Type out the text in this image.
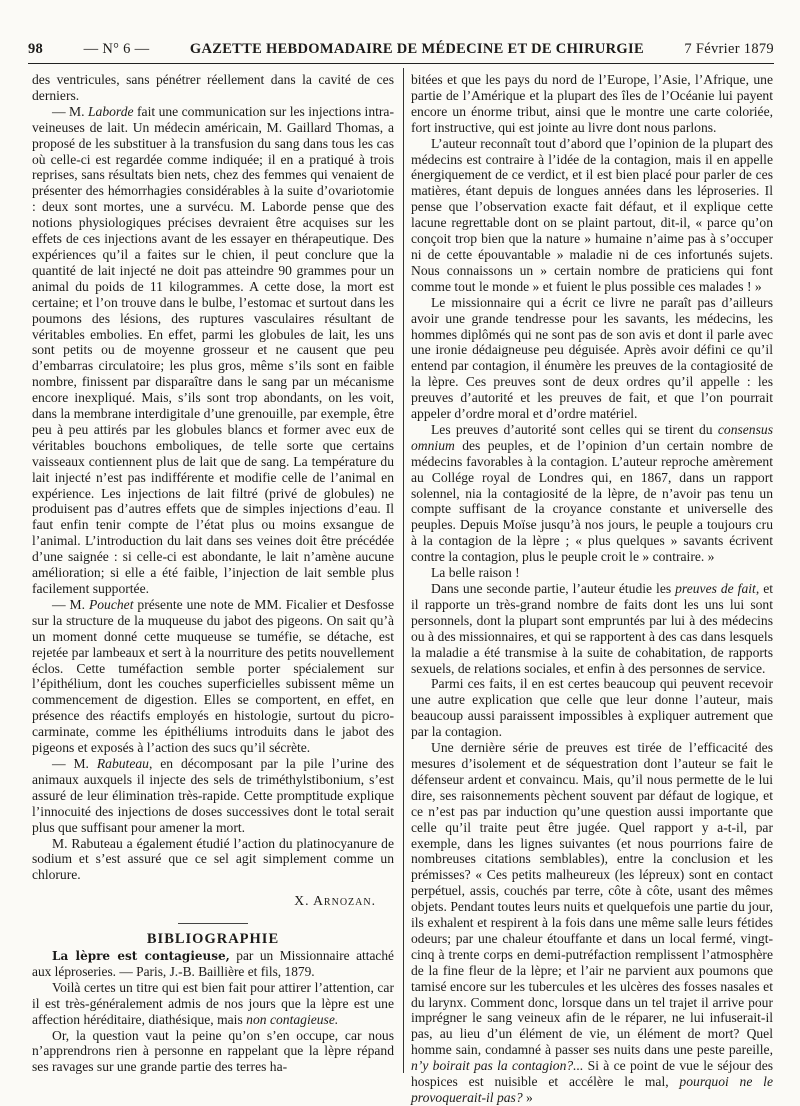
98	— N° 6 —	GAZETTE HEBDOMADAIRE DE MÉDECINE ET DE CHIRURGIE	7 Février 1879

des ventricules, sans pénétrer réellement dans la cavité de ces derniers.

— M. Laborde fait une communication sur les injections intra-veineuses de lait. Un médecin américain, M. Gaillard Thomas, a proposé de les substituer à la transfusion du sang dans tous les cas où celle-ci est regardée comme indiquée; il en a pratiqué à trois reprises, sans résultats bien nets, chez des femmes qui venaient de présenter des hémorrhagies considérables à la suite d’ovariotomie : deux sont mortes, une a survécu. M. Laborde pense que des notions physiologiques précises devraient être acquises sur les effets de ces injections avant de les essayer en thérapeutique. Des expériences qu’il a faites sur le chien, il peut conclure que la quantité de lait injecté ne doit pas atteindre 90 grammes pour un animal du poids de 11 kilogrammes. A cette dose, la mort est certaine; et l’on trouve dans le bulbe, l’estomac et surtout dans les poumons des lésions, des ruptures vasculaires résultant de véritables embolies. En effet, parmi les globules de lait, les uns sont petits ou de moyenne grosseur et ne causent que peu d’embarras circulatoire; les plus gros, même s’ils sont en faible nombre, finissent par disparaître dans le sang par un mécanisme encore inexpliqué. Mais, s’ils sont trop abondants, on les voit, dans la membrane interdigitale d’une grenouille, par exemple, être peu à peu attirés par les globules blancs et former avec eux de véritables bouchons emboliques, de telle sorte que certains vaisseaux contiennent plus de lait que de sang. La température du lait injecté n’est pas indifférente et modifie celle de l’animal en expérience. Les injections de lait filtré (privé de globules) ne produisent pas d’autres effets que de simples injections d’eau. Il faut enfin tenir compte de l’état plus ou moins exsangue de l’animal. L’introduction du lait dans ses veines doit être précédée d’une saignée : si celle-ci est abondante, le lait n’amène aucune amélioration; si elle a été faible, l’injection de lait semble plus facilement supportée.

— M. Pouchet présente une note de MM. Ficalier et Desfosse sur la structure de la muqueuse du jabot des pigeons. On sait qu’à un moment donné cette muqueuse se tuméfie, se détache, est rejetée par lambeaux et sert à la nourriture des petits nouvellement éclos. Cette tuméfaction semble porter spécialement sur l’épithélium, dont les couches superficielles subissent même un commencement de digestion. Elles se comportent, en effet, en présence des réactifs employés en histologie, surtout du picro-carminate, comme les épithéliums introduits dans le jabot des pigeons et exposés à l’action des sucs qu’il sécrète.

— M. Rabuteau, en décomposant par la pile l’urine des animaux auxquels il injecte des sels de triméthylstibonium, s’est assuré de leur élimination très-rapide. Cette promptitude explique l’innocuité des injections de doses successives dont le total serait plus que suffisant pour amener la mort.

M. Rabuteau a également étudié l’action du platinocyanure de sodium et s’est assuré que ce sel agit simplement comme un chlorure.

X. Arnozan.

BIBLIOGRAPHIE

La lèpre est contagieuse, par un Missionnaire attaché aux léproseries. — Paris, J.-B. Baillière et fils, 1879.

Voilà certes un titre qui est bien fait pour attirer l’attention, car il est très-généralement admis de nos jours que la lèpre est une affection héréditaire, diathésique, mais non contagieuse.

Or, la question vaut la peine qu’on s’en occupe, car nous n’apprendrons rien à personne en rappelant que la lèpre répand ses ravages sur une grande partie des terres ha-

bitées et que les pays du nord de l’Europe, l’Asie, l’Afrique, une partie de l’Amérique et la plupart des îles de l’Océanie lui payent encore un énorme tribut, ainsi que le montre une carte coloriée, fort instructive, qui est jointe au livre dont nous parlons.

L’auteur reconnaît tout d’abord que l’opinion de la plupart des médecins est contraire à l’idée de la contagion, mais il en appelle énergiquement de ce verdict, et il est bien placé pour parler de ces matières, étant depuis de longues années dans les léproseries. Il pense que l’observation exacte fait défaut, et il explique cette lacune regrettable dont on se plaint partout, dit-il, « parce qu’on conçoit trop bien que la nature » humaine n’aime pas à s’occuper ni de cette épouvantable » maladie ni de ces infortunés sujets. Nous connaissons un » certain nombre de praticiens qui font comme tout le monde » et fuient le plus possible ces malades ! »

Le missionnaire qui a écrit ce livre ne paraît pas d’ailleurs avoir une grande tendresse pour les savants, les médecins, les hommes diplômés qui ne sont pas de son avis et dont il parle avec une ironie dédaigneuse peu déguisée. Après avoir défini ce qu’il entend par contagion, il énumère les preuves de la contagiosité de la lèpre. Ces preuves sont de deux ordres qu’il appelle : les preuves d’autorité et les preuves de fait, et que l’on pourrait appeler d’ordre moral et d’ordre matériel.

Les preuves d’autorité sont celles qui se tirent du consensus omnium des peuples, et de l’opinion d’un certain nombre de médecins favorables à la contagion. L’auteur reproche amèrement au Collége royal de Londres qui, en 1867, dans un rapport solennel, nia la contagiosité de la lèpre, de n’avoir pas tenu un compte suffisant de la croyance constante et universelle des peuples. Depuis Moïse jusqu’à nos jours, le peuple a toujours cru à la contagion de la lèpre ; « plus quelques » savants écrivent contre la contagion, plus le peuple croit le » contraire. »

La belle raison !

Dans une seconde partie, l’auteur étudie les preuves de fait, et il rapporte un très-grand nombre de faits dont les uns lui sont personnels, dont la plupart sont empruntés par lui à des médecins ou à des missionnaires, et qui se rapportent à des cas dans lesquels la maladie a été transmise à la suite de cohabitation, de rapports sexuels, de relations sociales, et enfin à des personnes de service.

Parmi ces faits, il en est certes beaucoup qui peuvent recevoir une autre explication que celle que leur donne l’auteur, mais beaucoup aussi paraissent impossibles à expliquer autrement que par la contagion.

Une dernière série de preuves est tirée de l’efficacité des mesures d’isolement et de séquestration dont l’auteur se fait le défenseur ardent et convaincu. Mais, qu’il nous permette de le lui dire, ses raisonnements pèchent souvent par défaut de logique, et ce n’est pas par induction qu’une question aussi importante que celle qu’il traite peut être jugée. Quel rapport y a-t-il, par exemple, dans les lignes suivantes (et nous pourrions faire de nombreuses citations semblables), entre la conclusion et les prémisses? « Ces petits malheureux (les lépreux) sont en contact perpétuel, assis, couchés par terre, côte à côte, usant des mêmes objets. Pendant toutes leurs nuits et quelquefois une partie du jour, ils exhalent et respirent à la fois dans une même salle leurs fétides odeurs; par une chaleur étouffante et dans un local fermé, vingt-cinq à trente corps en demi-putréfaction remplissent l’atmosphère de la fine fleur de la lèpre; et l’air ne parvient aux poumons que tamisé encore sur les tubercules et les ulcères des fosses nasales et du larynx. Comment donc, lorsque dans un tel trajet il arrive pour imprégner le sang veineux afin de le réparer, ne lui infuserait-il pas, au lieu d’un élément de vie, un élément de mort? Quel homme sain, condamné à passer ses nuits dans une peste pareille, n’y boirait pas la contagion?... Si à ce point de vue le séjour des hospices est nuisible et accélère le mal, pourquoi ne le provoquerait-il pas? »
